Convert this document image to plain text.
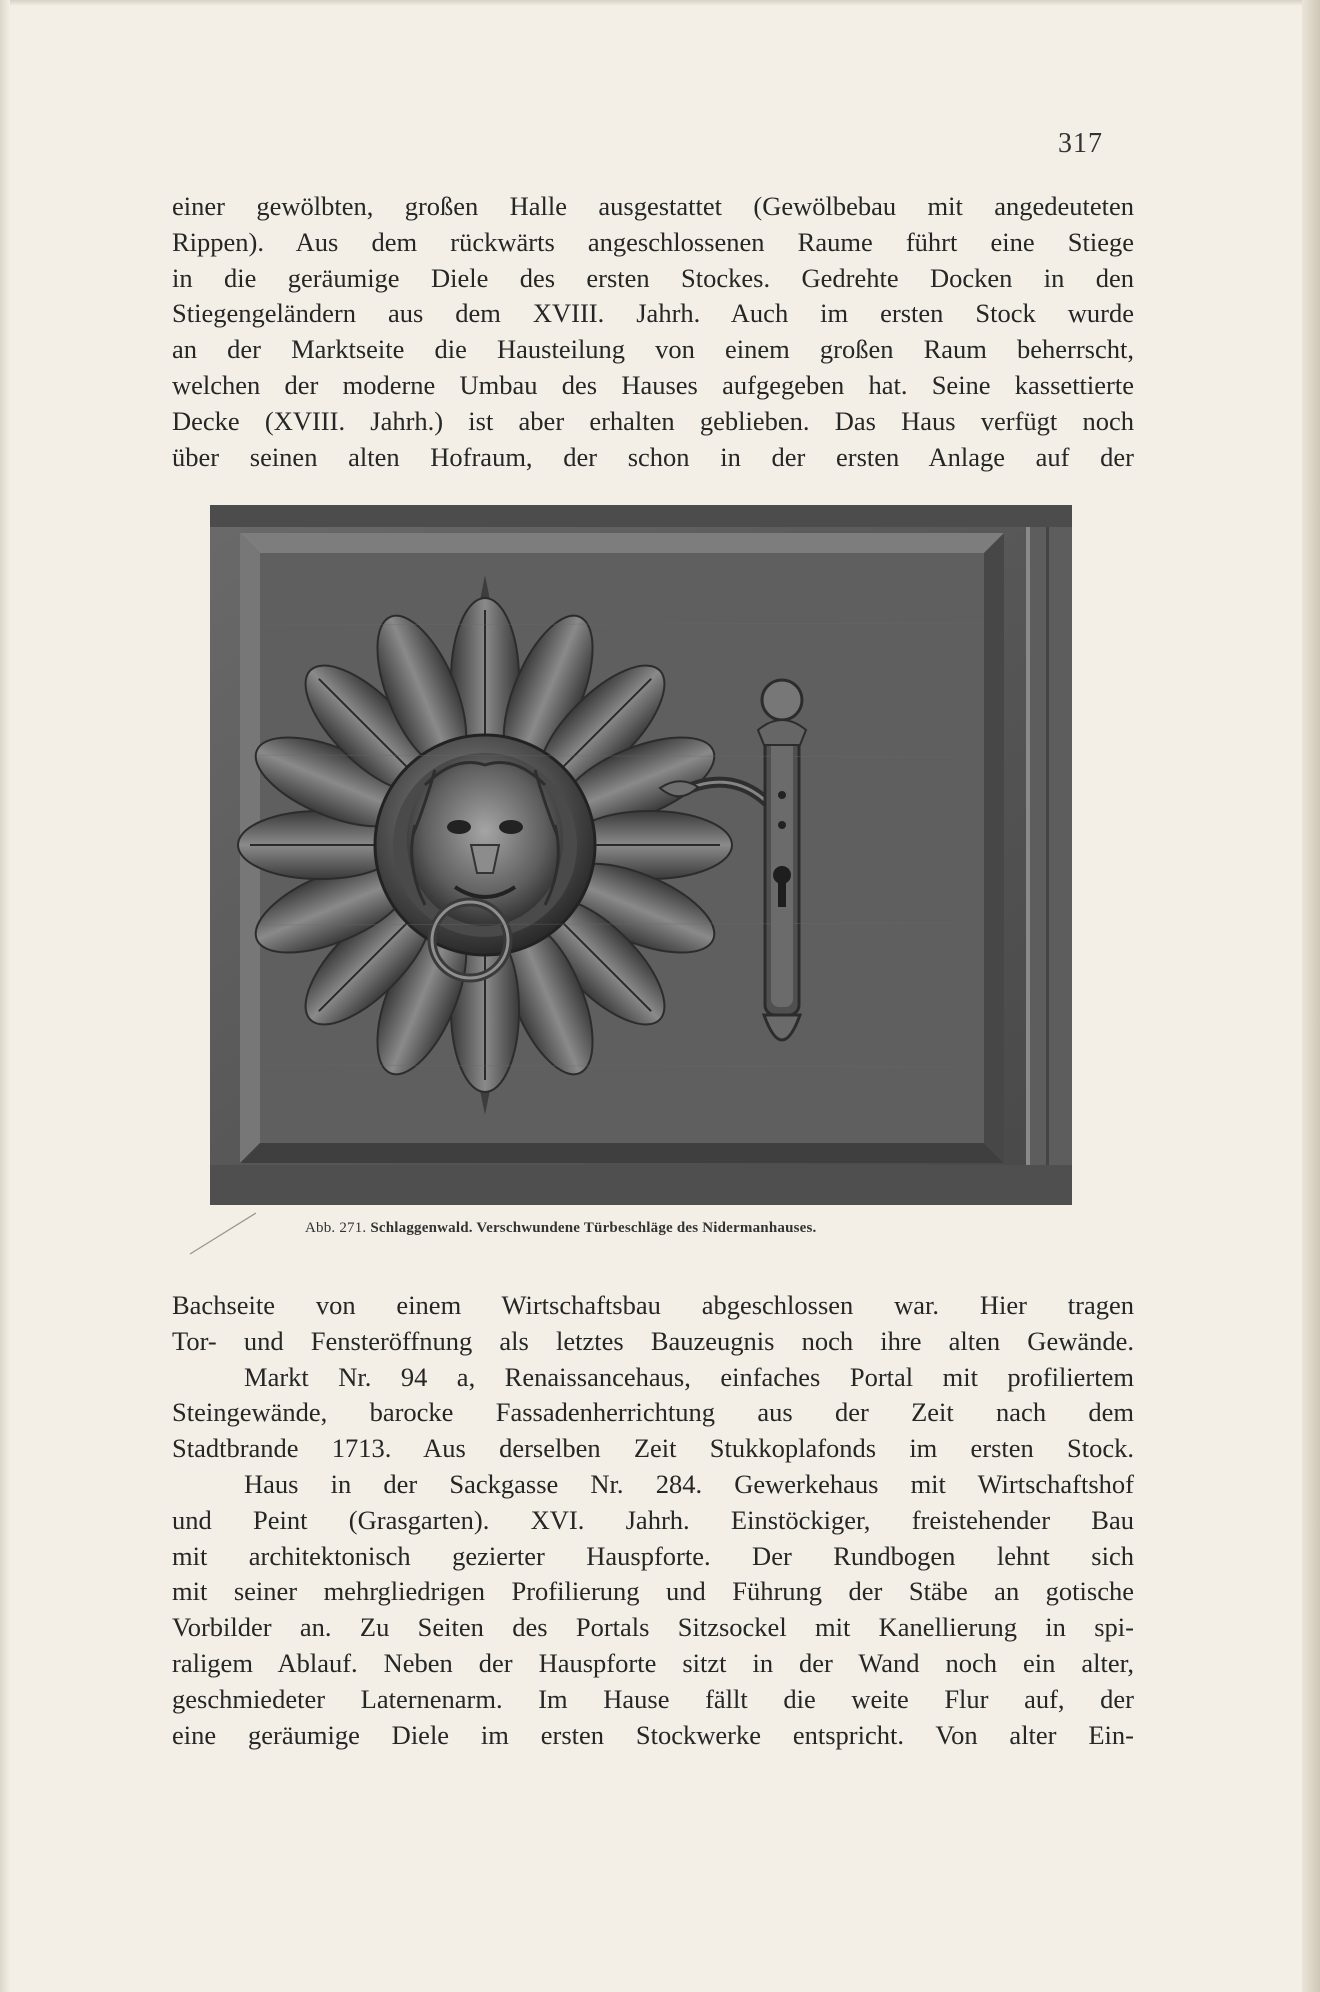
317
einer gewölbten, großen Halle ausgestattet (Gewölbebau mit angedeuteten
Rippen). Aus dem rückwärts angeschlossenen Raume führt eine Stiege
in die geräumige Diele des ersten Stockes. Gedrehte Docken in den
Stiegengeländern aus dem XVIII. Jahrh. Auch im ersten Stock wurde
an der Marktseite die Hausteilung von einem großen Raum beherrscht,
welchen der moderne Umbau des Hauses aufgegeben hat. Seine kassettierte
Decke (XVIII. Jahrh.) ist aber erhalten geblieben. Das Haus verfügt noch
über seinen alten Hofraum, der schon in der ersten Anlage auf der
Abb. 271. Schlaggenwald. Verschwundene Türbeschläge des Nidermanhauses.
Bachseite von einem Wirtschaftsbau abgeschlossen war. Hier tragen
Tor- und Fensteröffnung als letztes Bauzeugnis noch ihre alten Gewände.
Markt Nr. 94 a, Renaissancehaus, einfaches Portal mit profiliertem
Steingewände, barocke Fassadenherrichtung aus der Zeit nach dem
Stadtbrande 1713. Aus derselben Zeit Stukkoplafonds im ersten Stock.
Haus in der Sackgasse Nr. 284. Gewerkehaus mit Wirtschaftshof
und Peint (Grasgarten). XVI. Jahrh. Einstöckiger, freistehender Bau
mit architektonisch gezierter Hauspforte. Der Rundbogen lehnt sich
mit seiner mehrgliedrigen Profilierung und Führung der Stäbe an gotische
Vorbilder an. Zu Seiten des Portals Sitzsockel mit Kanellierung in spi-
raligem Ablauf. Neben der Hauspforte sitzt in der Wand noch ein alter,
geschmiedeter Laternenarm. Im Hause fällt die weite Flur auf, der
eine geräumige Diele im ersten Stockwerke entspricht. Von alter Ein-
